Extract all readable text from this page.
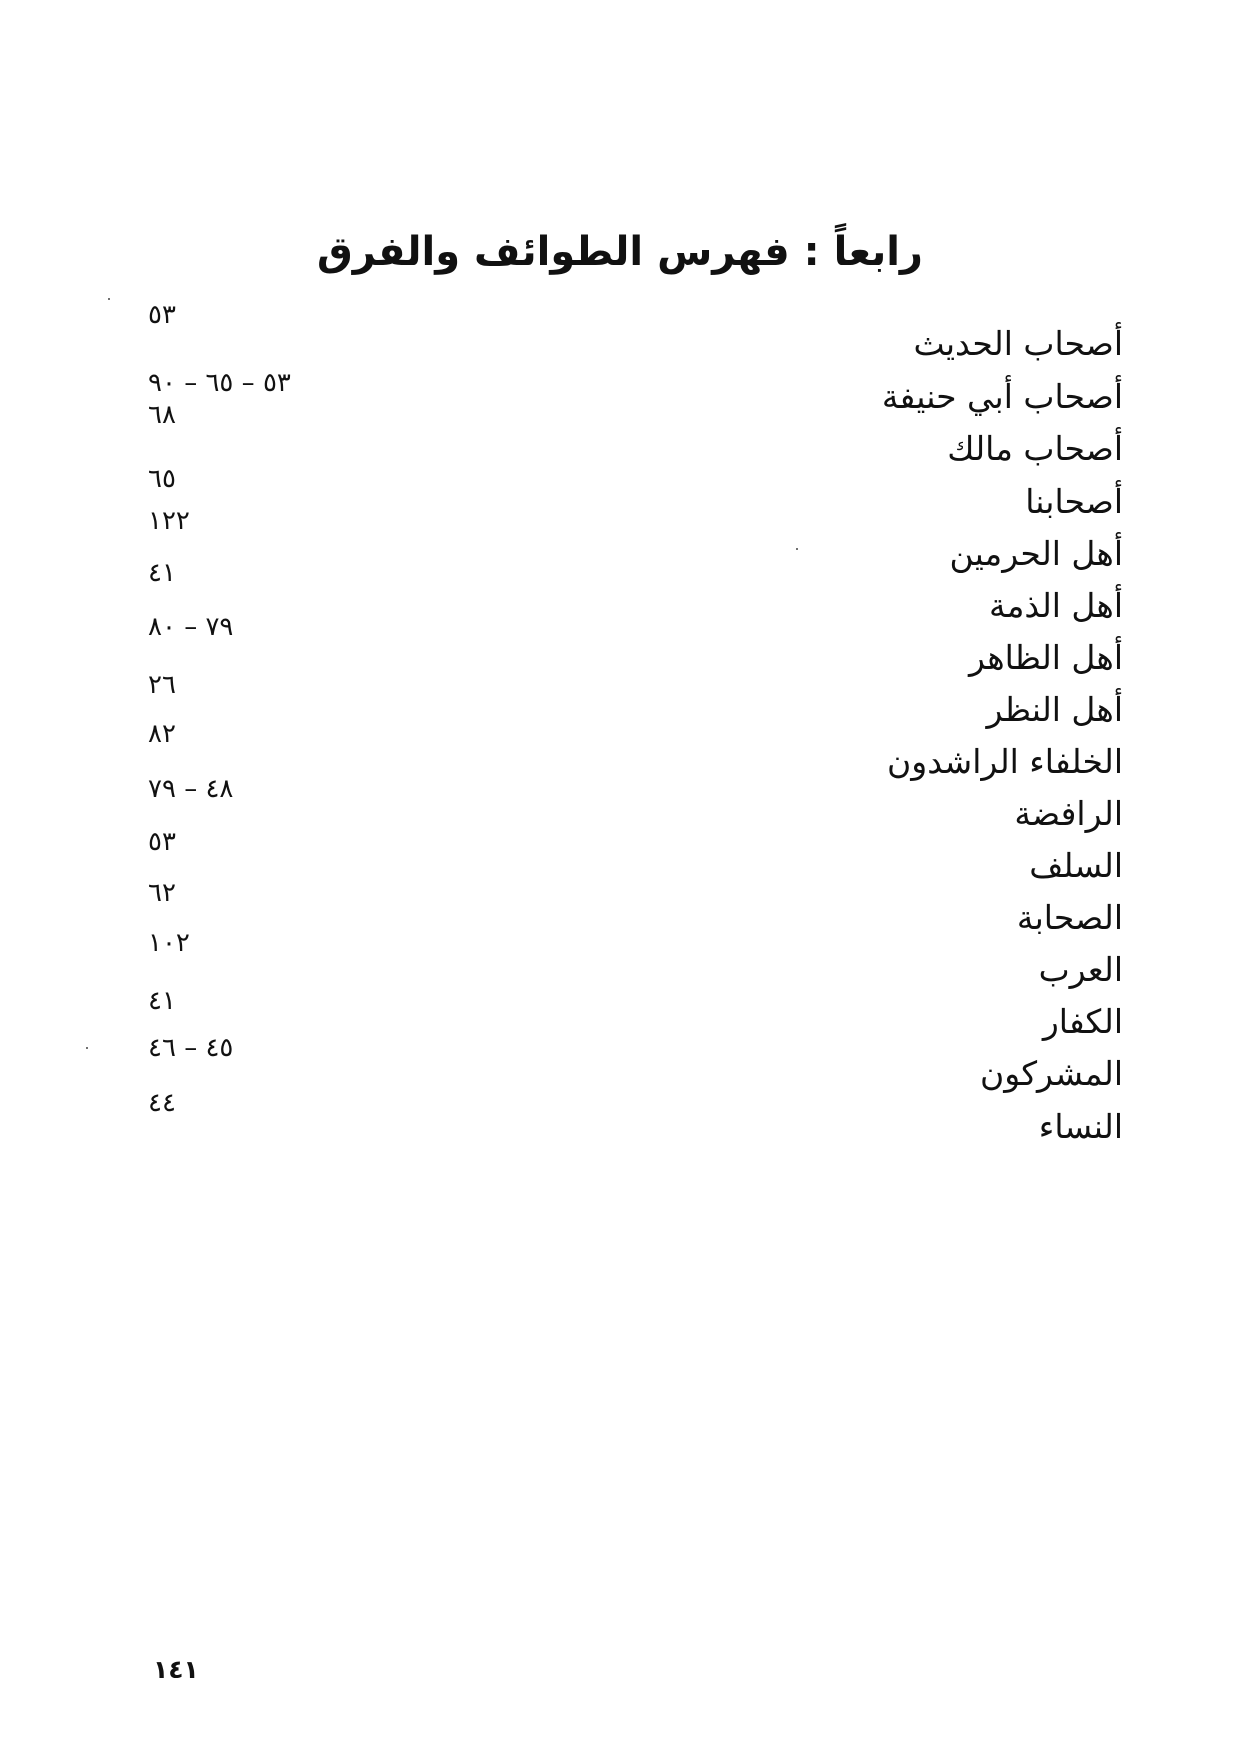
رابعاً : فهرس الطوائف والفرق
أصحاب الحديث
٥٣
أصحاب أبي حنيفة
٥٣ – ٦٥ – ٩٠
أصحاب مالك
٦٨
أصحابنا
٦٥
أهل الحرمين
١٢٢
أهل الذمة
٤١
أهل الظاهر
٧٩ – ٨٠
أهل النظر
٢٦
الخلفاء الراشدون
٨٢
الرافضة
٤٨ – ٧٩
السلف
٥٣
الصحابة
٦٢
العرب
١٠٢
الكفار
٤١
المشركون
٤٥ – ٤٦
النساء
٤٤
١٤١
